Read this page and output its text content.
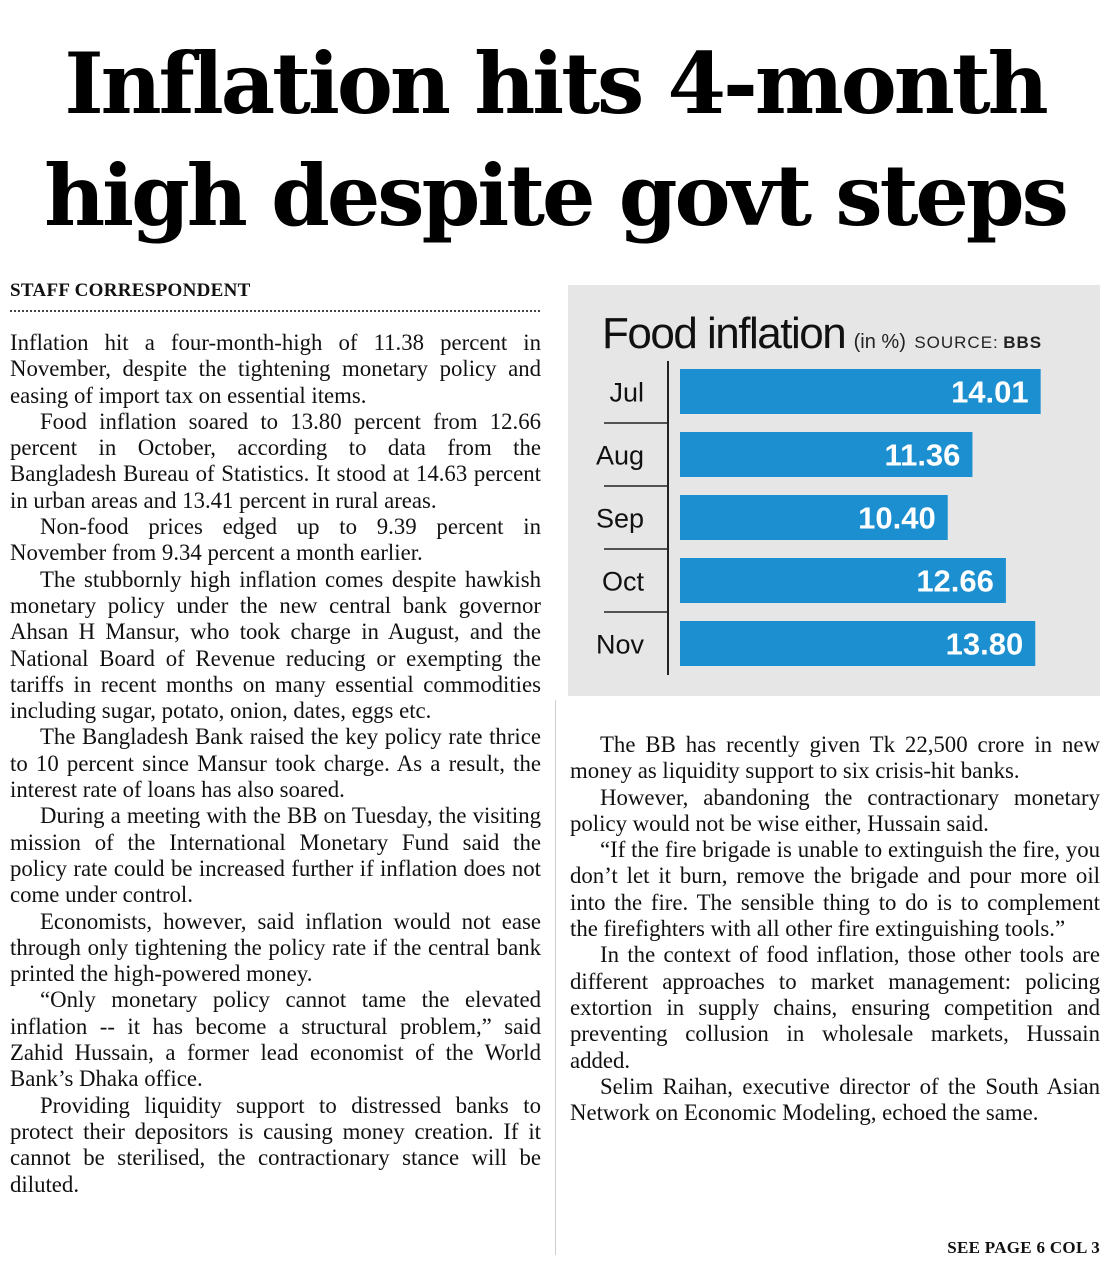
Inflation hits 4-month
high despite govt steps
STAFF CORRESPONDENT

Inflation hit a four-month-high of 11.38 percent in November, despite the tightening monetary policy and easing of import tax on essential items.

Food inflation soared to 13.80 percent from 12.66 percent in October, according to data from the Bangladesh Bureau of Statistics. It stood at 14.63 percent in urban areas and 13.41 percent in rural areas.

Non-food prices edged up to 9.39 percent in November from 9.34 percent a month earlier.

The stubbornly high inflation comes despite hawkish monetary policy under the new central bank governor Ahsan H Mansur, who took charge in August, and the National Board of Revenue reducing or exempting the tariffs in recent months on many essential commodities including sugar, potato, onion, dates, eggs etc.

The Bangladesh Bank raised the key policy rate thrice to 10 percent since Mansur took charge. As a result, the interest rate of loans has also soared.

During a meeting with the BB on Tuesday, the visiting mission of the International Monetary Fund said the policy rate could be increased further if inflation does not come under control.

Economists, however, said inflation would not ease through only tightening the policy rate if the central bank printed the high-powered money.

“Only monetary policy cannot tame the elevated inflation -- it has become a structural problem,” said Zahid Hussain, a former lead economist of the World Bank’s Dhaka office.

Providing liquidity support to distressed banks to protect their depositors is causing money creation. If it cannot be sterilised, the contractionary stance will be diluted.

Food inflation (in %) SOURCE: BBS
Jul	14.01
Aug	11.36
Sep	10.40
Oct	12.66
Nov	13.80

The BB has recently given Tk 22,500 crore in new money as liquidity support to six crisis-hit banks.

However, abandoning the contractionary monetary policy would not be wise either, Hussain said.

“If the fire brigade is unable to extinguish the fire, you don’t let it burn, remove the brigade and pour more oil into the fire. The sensible thing to do is to complement the firefighters with all other fire extinguishing tools.”

In the context of food inflation, those other tools are different approaches to market management: policing extortion in supply chains, ensuring competition and preventing collusion in wholesale markets, Hussain added.

Selim Raihan, executive director of the South Asian Network on Economic Modeling, echoed the same.

SEE PAGE 6 COL 3
